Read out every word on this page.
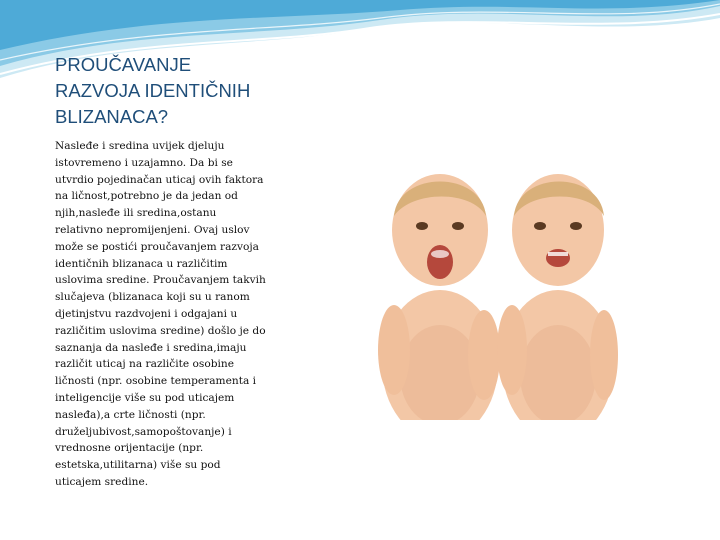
PROUČAVANJE
RAZVOJA IDENTIČNIH
BLIZANACA?

Nasleđe i sredina uvijek djeluju istovremeno i uzajamno. Da bi se utvrdio pojedinačan uticaj ovih faktora na ličnost,potrebno je da jedan od njih,nasleđe ili sredina,ostanu relativno nepromijenjeni. Ovaj uslov može se postići proučavanjem razvoja identičnih blizanaca u različitim uslovima sredine. Proučavanjem takvih slučajeva (blizanaca koji su u ranom djetinjstvu razdvojeni i odgajani u različitim uslovima sredine) došlo je do saznanja da nasleđe i sredina,imaju različit uticaj na različite osobine ličnosti (npr. osobine temperamenta i inteligencije više su pod uticajem nasleđa),a crte ličnosti (npr. druželjubivost,samopoštovanje) i vrednosne orijentacije (npr. estetska,utilitarna) više su pod uticajem sredine.
